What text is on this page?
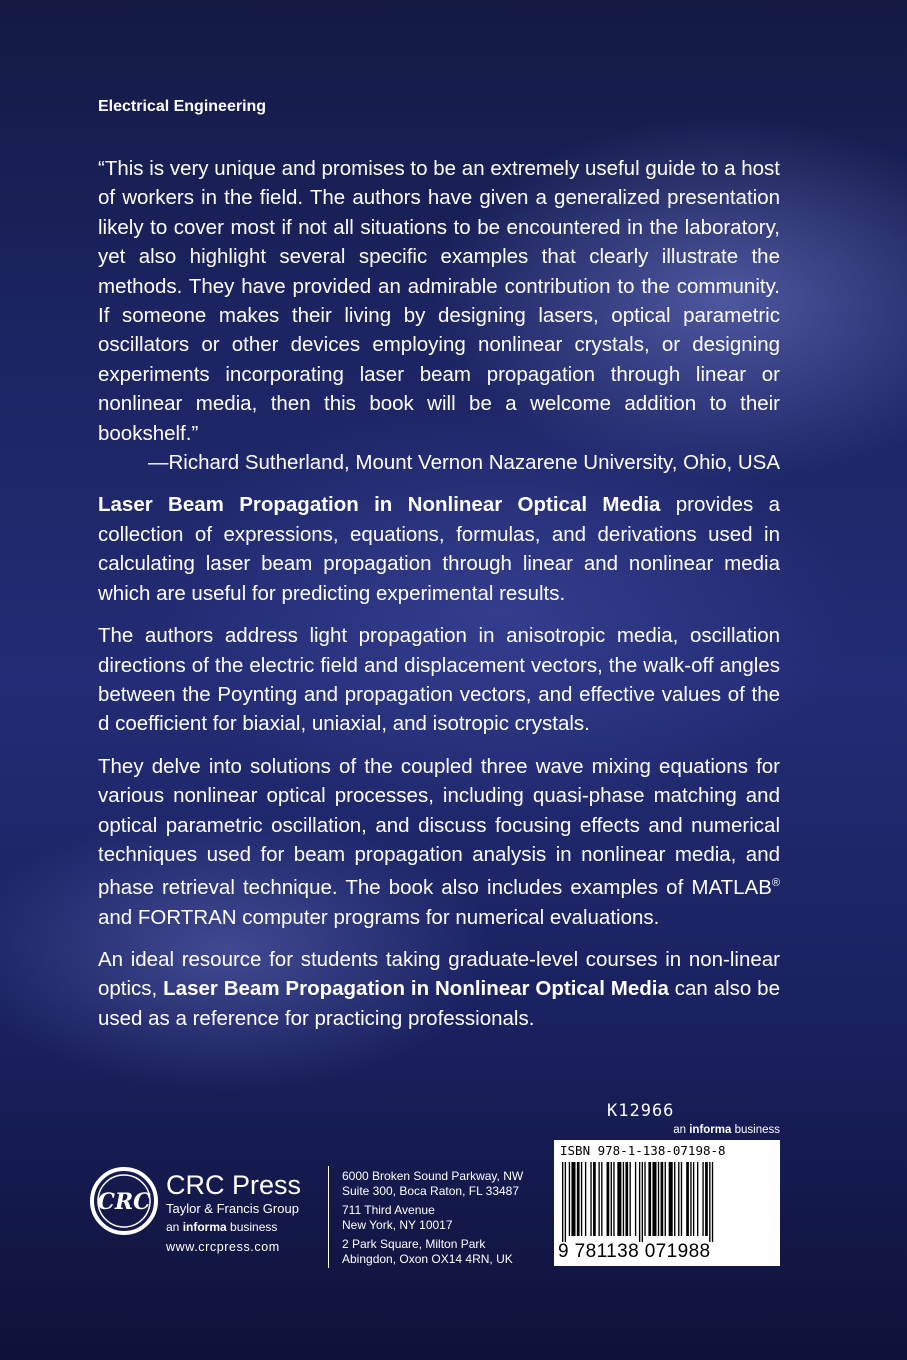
Electrical Engineering

“This is very unique and promises to be an extremely useful guide to a host of workers in the field. The authors have given a generalized presentation likely to cover most if not all situations to be encountered in the laboratory, yet also highlight several specific examples that clearly illustrate the methods. They have provided an admirable contribution to the community. If someone makes their living by designing lasers, optical parametric oscillators or other devices employing nonlinear crystals, or designing experiments incorporating laser beam propagation through linear or nonlinear media, then this book will be a welcome addition to their bookshelf.”
—Richard Sutherland, Mount Vernon Nazarene University, Ohio, USA

Laser Beam Propagation in Nonlinear Optical Media provides a collection of expressions, equations, formulas, and derivations used in calculating laser beam propagation through linear and nonlinear media which are useful for predicting experimental results.

The authors address light propagation in anisotropic media, oscillation directions of the electric field and displacement vectors, the walk-off angles between the Poynting and propagation vectors, and effective values of the d coefficient for biaxial, uniaxial, and isotropic crystals.

They delve into solutions of the coupled three wave mixing equations for various nonlinear optical processes, including quasi-phase matching and optical parametric oscillation, and discuss focusing effects and numerical techniques used for beam propagation analysis in nonlinear media, and phase retrieval technique. The book also includes examples of MATLAB® and FORTRAN computer programs for numerical evaluations.

An ideal resource for students taking graduate-level courses in non-linear optics, Laser Beam Propagation in Nonlinear Optical Media can also be used as a reference for practicing professionals.

K12966
an informa business
CRC
CRC Press
Taylor & Francis Group
an informa business
www.crcpress.com
6000 Broken Sound Parkway, NW
Suite 300, Boca Raton, FL 33487
711 Third Avenue
New York, NY 10017
2 Park Square, Milton Park
Abingdon, Oxon OX14 4RN, UK
ISBN 978-1-138-07198-8
9 781138 071988
